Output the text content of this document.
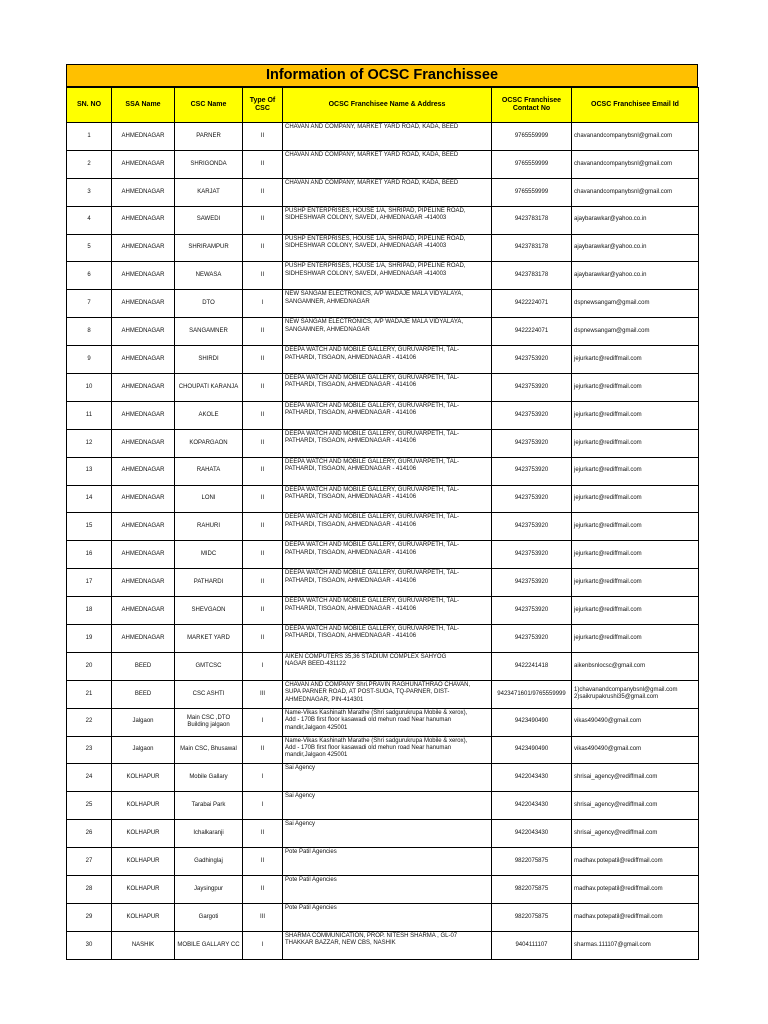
Information of OCSC Franchissee
SN. NO	SSA Name	CSC Name	Type Of CSC	OCSC Franchisee Name & Address	OCSC Franchisee Contact No	OCSC Franchisee Email Id
1	AHMEDNAGAR	PARNER	II	CHAVAN AND COMPANY, MARKET YARD ROAD, KADA, BEED	9765559999	chavanandcompanybsnl@gmail.com
2	AHMEDNAGAR	SHRIGONDA	II	CHAVAN AND COMPANY, MARKET YARD ROAD, KADA, BEED	9765559999	chavanandcompanybsnl@gmail.com
3	AHMEDNAGAR	KARJAT	II	CHAVAN AND COMPANY, MARKET YARD ROAD, KADA, BEED	9765559999	chavanandcompanybsnl@gmail.com
4	AHMEDNAGAR	SAWEDI	II	PUSHP ENTERPRISES, HOUSE 1/A, SHRIPAD, PIPELINE ROAD,
SIDHESHWAR COLONY, SAVEDI, AHMEDNAGAR -414003	9423783178	ajaybarawkar@yahoo.co.in
5	AHMEDNAGAR	SHRIRAMPUR	II	PUSHP ENTERPRISES, HOUSE 1/A, SHRIPAD, PIPELINE ROAD,
SIDHESHWAR COLONY, SAVEDI, AHMEDNAGAR -414003	9423783178	ajaybarawkar@yahoo.co.in
6	AHMEDNAGAR	NEWASA	II	PUSHP ENTERPRISES, HOUSE 1/A, SHRIPAD, PIPELINE ROAD,
SIDHESHWAR COLONY, SAVEDI, AHMEDNAGAR -414003	9423783178	ajaybarawkar@yahoo.co.in
7	AHMEDNAGAR	DTO	I	NEW SANGAM ELECTRONICS, A/P WADAJE MALA VIDYALAYA,
SANGAMNER, AHMEDNAGAR	9422224071	dspnewsangam@gmail.com
8	AHMEDNAGAR	SANGAMNER	II	NEW SANGAM ELECTRONICS, A/P WADAJE MALA VIDYALAYA,
SANGAMNER, AHMEDNAGAR	9422224071	dspnewsangam@gmail.com
9	AHMEDNAGAR	SHIRDI	II	DEEPA WATCH AND MOBILE GALLERY, GURUVARPETH, TAL-
PATHARDI, TISGAON, AHMEDNAGAR - 414106	9423753920	jejurkartc@rediffmail.com
10	AHMEDNAGAR	CHOUPATI KARANJA	II	DEEPA WATCH AND MOBILE GALLERY, GURUVARPETH, TAL-
PATHARDI, TISGAON, AHMEDNAGAR - 414106	9423753920	jejurkartc@rediffmail.com
11	AHMEDNAGAR	AKOLE	II	DEEPA WATCH AND MOBILE GALLERY, GURUVARPETH, TAL-
PATHARDI, TISGAON, AHMEDNAGAR - 414106	9423753920	jejurkartc@rediffmail.com
12	AHMEDNAGAR	KOPARGAON	II	DEEPA WATCH AND MOBILE GALLERY, GURUVARPETH, TAL-
PATHARDI, TISGAON, AHMEDNAGAR - 414106	9423753920	jejurkartc@rediffmail.com
13	AHMEDNAGAR	RAHATA	II	DEEPA WATCH AND MOBILE GALLERY, GURUVARPETH, TAL-
PATHARDI, TISGAON, AHMEDNAGAR - 414106	9423753920	jejurkartc@rediffmail.com
14	AHMEDNAGAR	LONI	II	DEEPA WATCH AND MOBILE GALLERY, GURUVARPETH, TAL-
PATHARDI, TISGAON, AHMEDNAGAR - 414106	9423753920	jejurkartc@rediffmail.com
15	AHMEDNAGAR	RAHURI	II	DEEPA WATCH AND MOBILE GALLERY, GURUVARPETH, TAL-
PATHARDI, TISGAON, AHMEDNAGAR - 414106	9423753920	jejurkartc@rediffmail.com
16	AHMEDNAGAR	MIDC	II	DEEPA WATCH AND MOBILE GALLERY, GURUVARPETH, TAL-
PATHARDI, TISGAON, AHMEDNAGAR - 414106	9423753920	jejurkartc@rediffmail.com
17	AHMEDNAGAR	PATHARDI	II	DEEPA WATCH AND MOBILE GALLERY, GURUVARPETH, TAL-
PATHARDI, TISGAON, AHMEDNAGAR - 414106	9423753920	jejurkartc@rediffmail.com
18	AHMEDNAGAR	SHEVGAON	II	DEEPA WATCH AND MOBILE GALLERY, GURUVARPETH, TAL-
PATHARDI, TISGAON, AHMEDNAGAR - 414106	9423753920	jejurkartc@rediffmail.com
19	AHMEDNAGAR	MARKET YARD	II	DEEPA WATCH AND MOBILE GALLERY, GURUVARPETH, TAL-
PATHARDI, TISGAON, AHMEDNAGAR - 414106	9423753920	jejurkartc@rediffmail.com
20	BEED	GMTCSC	I	AIKEN COMPUTERS 35,36 STADIUM COMPLEX SAHYOG
NAGAR BEED-431122	9422241418	aikenbsnlocsc@gmail.com
21	BEED	CSC ASHTI	III	CHAVAN AND COMPANY Shri.PRAVIN RAGHUNATHRAO CHAVAN,
SUPA PARNER ROAD, AT POST-SUOA, TQ-PARNER, DIST-
AHMEDNAGAR, PIN-414301	9423471601/9765559999	1)chavanandcompanybsnl@gmail.com
2)saikrupakrushi35@gmail.com
22	Jalgaon	Main CSC ,DTO
Building jalgaon	I	Name-Vikas Kashinath Marathe (Shri sadgurukrupa Mobile & xerox),
Add - 170B first floor kasawadi old mehun road Near hanuman
mandir,Jalgaon 425001	9423490490	vikas490490@gmail.com
23	Jalgaon	Main CSC, Bhusawal	II	Name-Vikas Kashinath Marathe (Shri sadgurukrupa Mobile & xerox),
Add - 170B first floor kasawadi old mehun road Near hanuman
mandir,Jalgaon 425001	9423490490	vikas490490@gmail.com
24	KOLHAPUR	Mobile Gallary	I	Sai Agency	9422043430	shrisai_agency@rediffmail.com
25	KOLHAPUR	Tarabai Park	I	Sai Agency	9422043430	shrisai_agency@rediffmail.com
26	KOLHAPUR	Ichalkaranji	II	Sai Agency	9422043430	shrisai_agency@rediffmail.com
27	KOLHAPUR	Gadhinglaj	II	Pote Patil Agencies	9822075875	madhav.potepatil@rediffmail.com
28	KOLHAPUR	Jaysingpur	II	Pote Patil Agencies	9822075875	madhav.potepatil@rediffmail.com
29	KOLHAPUR	Gargoti	III	Pote Patil Agencies	9822075875	madhav.potepatil@rediffmail.com
30	NASHIK	MOBILE GALLARY CC	I	SHARMA COMMUNICATION, PROP. NITESH SHARMA , GL-07
THAKKAR BAZZAR, NEW CBS, NASHIK	9404111107	sharmas.111107@gmail.com
